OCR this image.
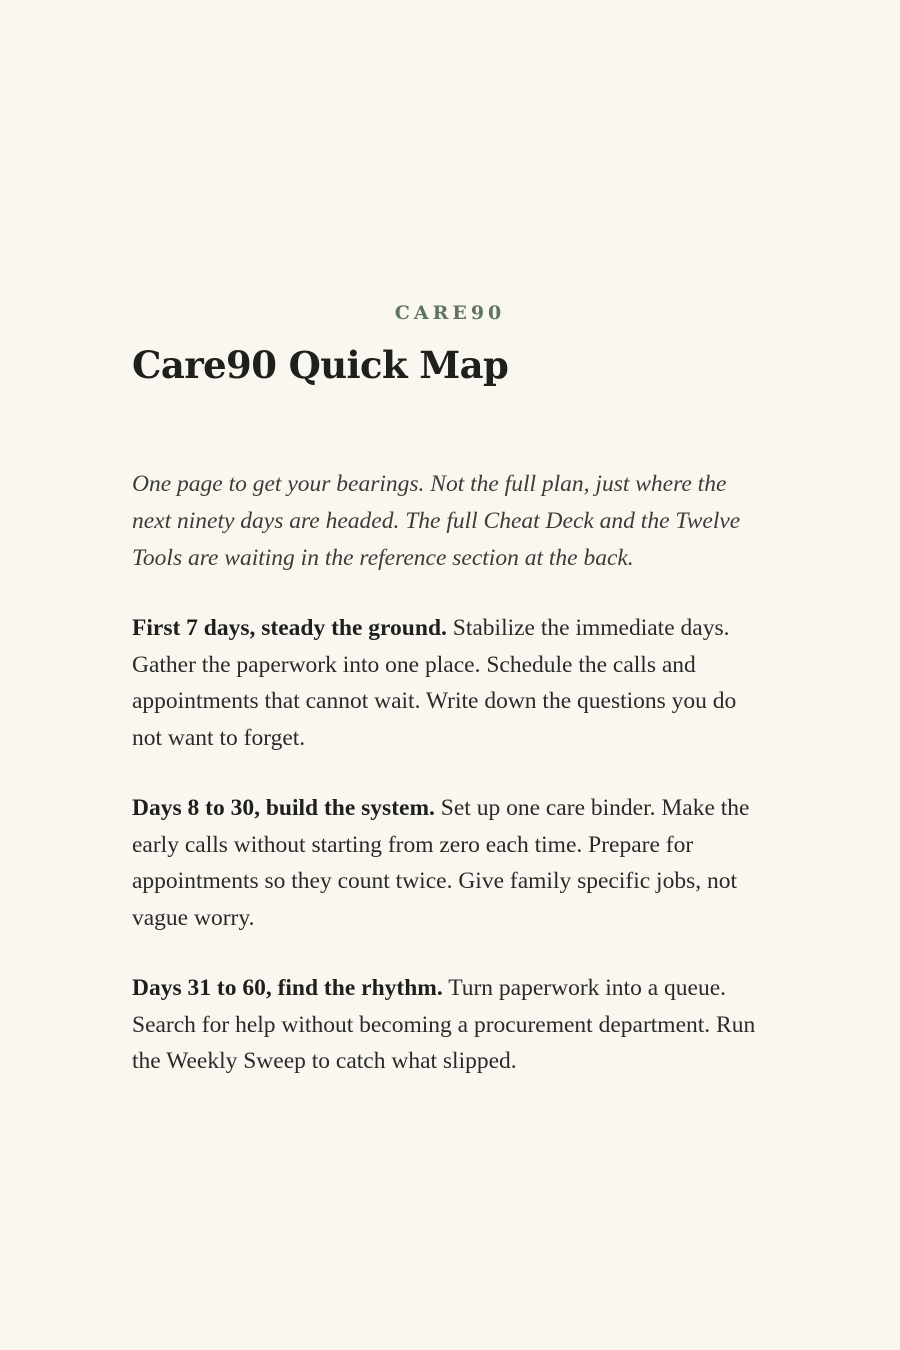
CARE90
Care90 Quick Map

One page to get your bearings. Not the full plan, just where the next ninety days are headed. The full Cheat Deck and the Twelve Tools are waiting in the reference section at the back.

First 7 days, steady the ground. Stabilize the immediate days. Gather the paperwork into one place. Schedule the calls and appointments that cannot wait. Write down the questions you do not want to forget.

Days 8 to 30, build the system. Set up one care binder. Make the early calls without starting from zero each time. Prepare for appointments so they count twice. Give family specific jobs, not vague worry.

Days 31 to 60, find the rhythm. Turn paperwork into a queue. Search for help without becoming a procurement department. Run the Weekly Sweep to catch what slipped.
